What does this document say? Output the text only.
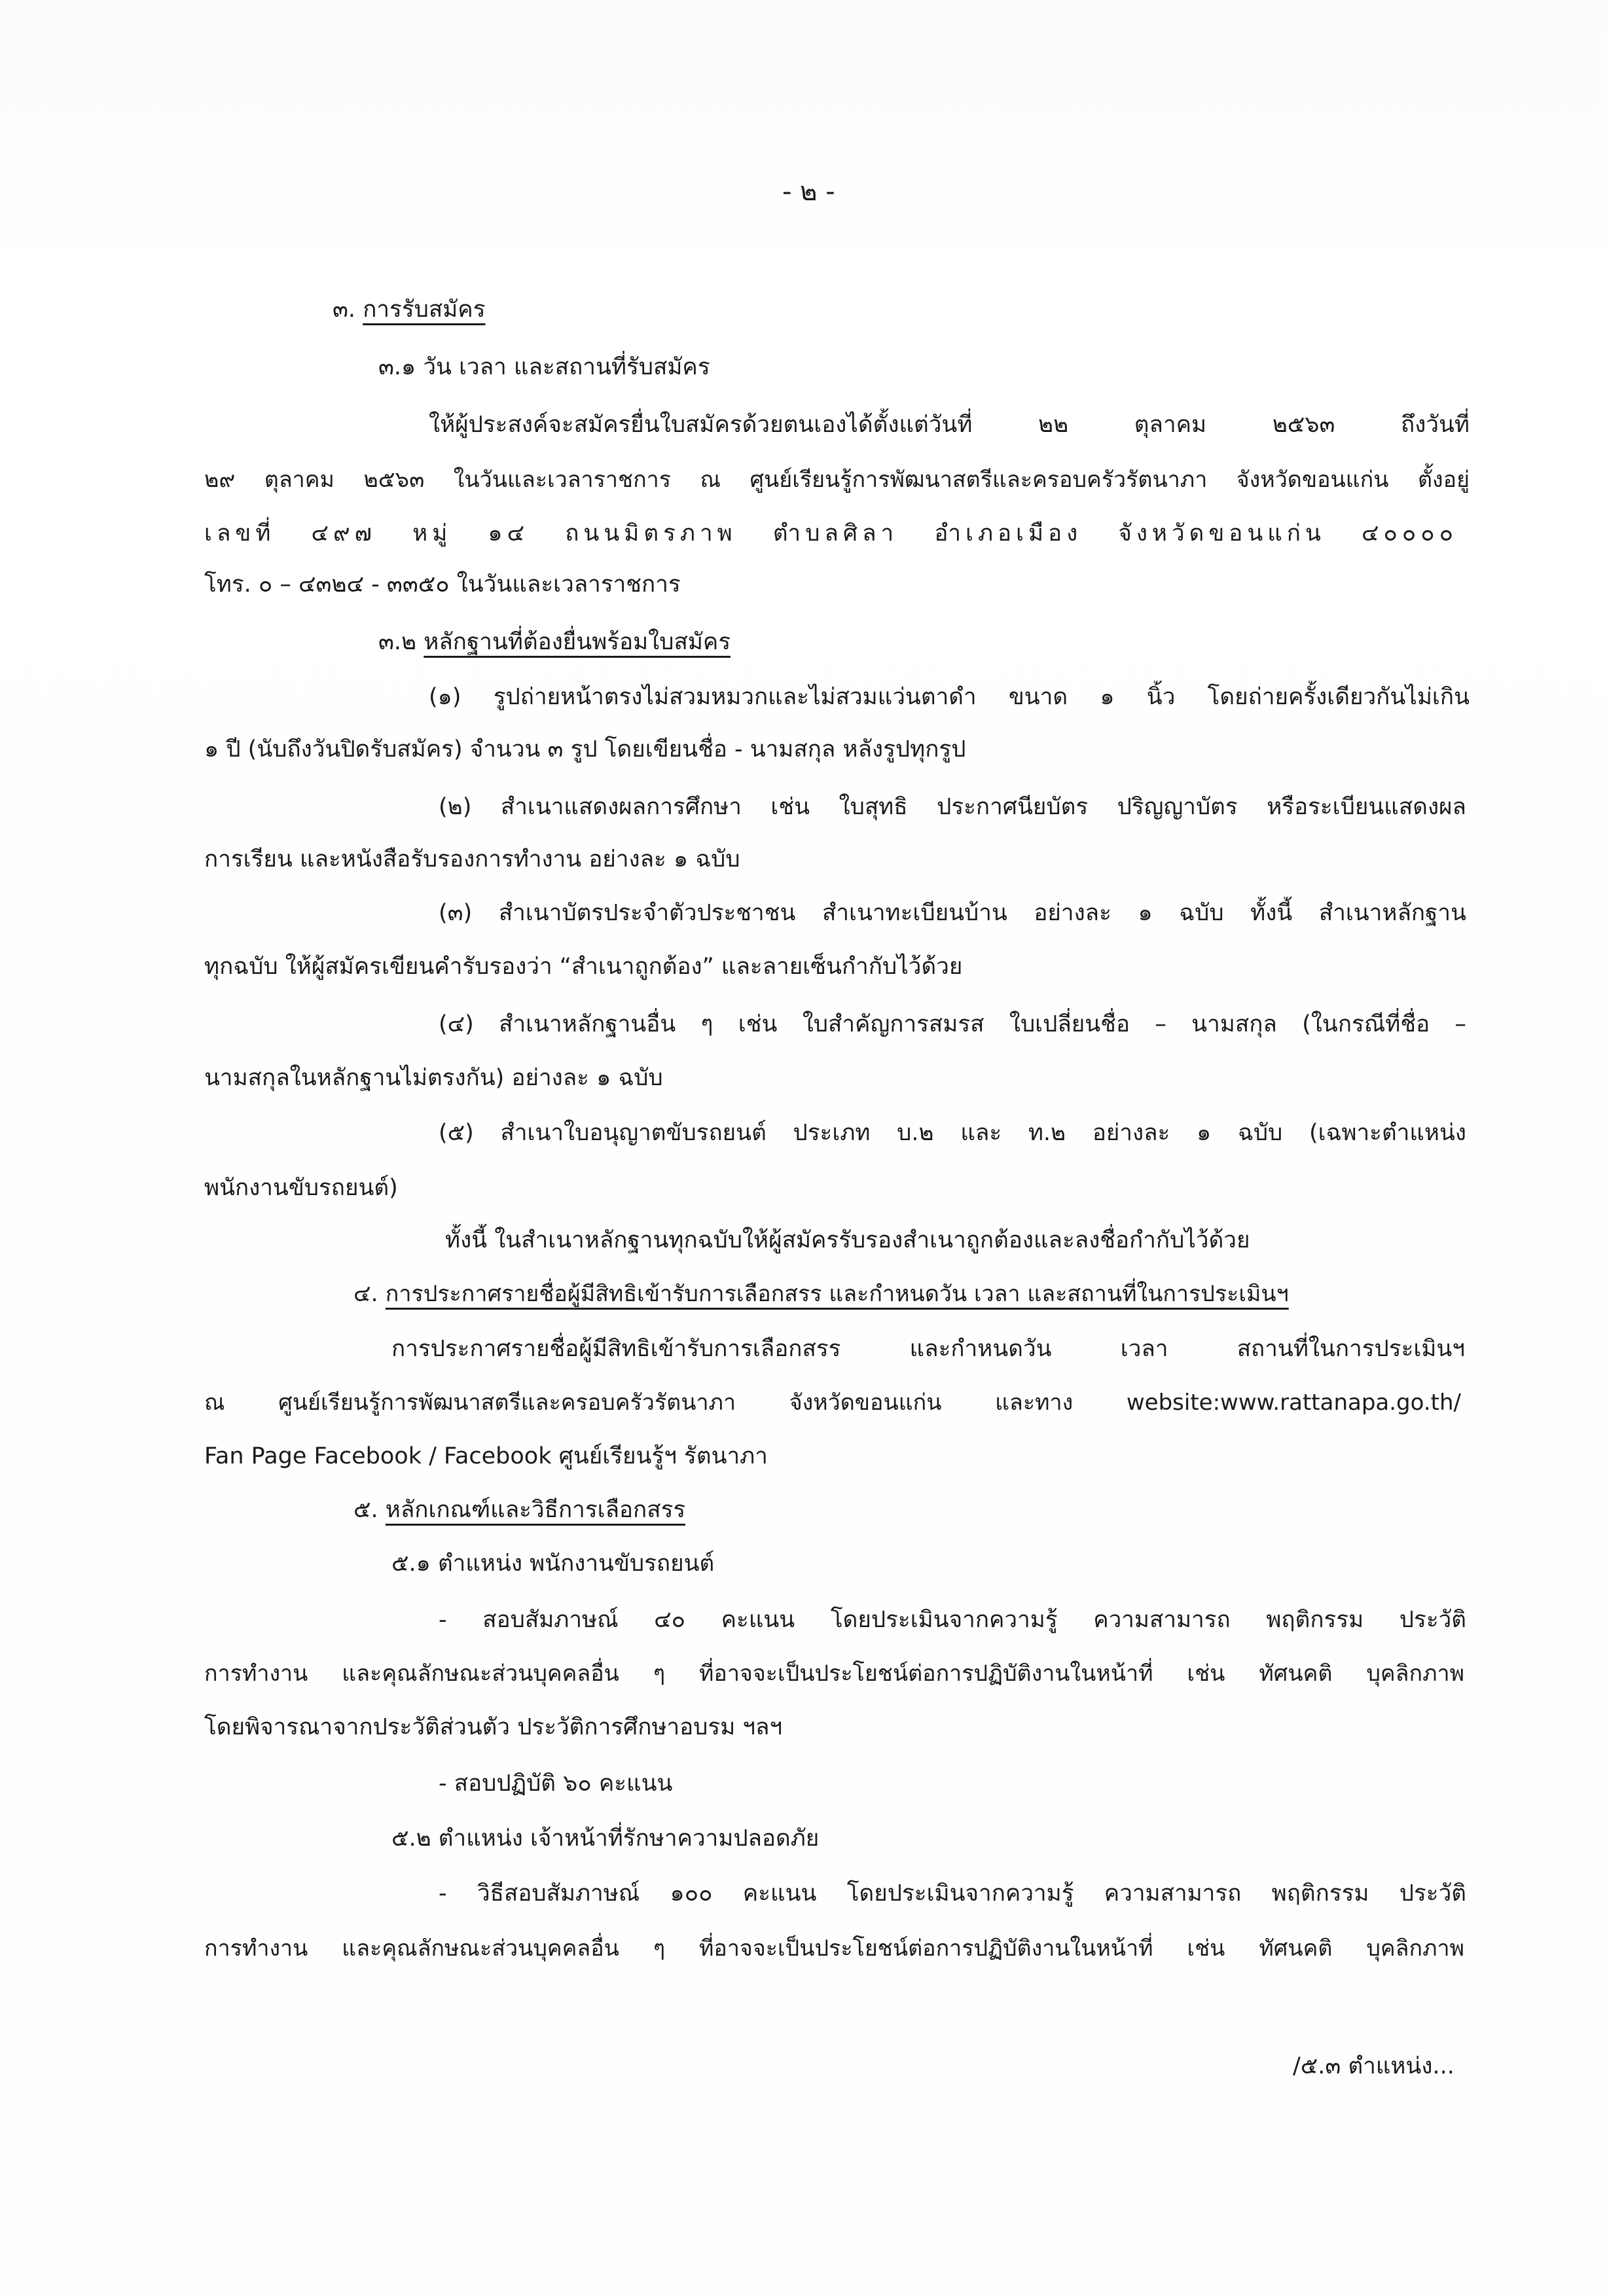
- ๒ -
๓. การรับสมัคร
๓.๑ วัน เวลา และสถานที่รับสมัคร
ให้ผู้ประสงค์จะสมัครยื่นใบสมัครด้วยตนเองได้ตั้งแต่วันที่ ๒๒ ตุลาคม ๒๕๖๓ ถึงวันที่
๒๙ ตุลาคม ๒๕๖๓ ในวันและเวลาราชการ ณ ศูนย์เรียนรู้การพัฒนาสตรีและครอบครัวรัตนาภา จังหวัดขอนแก่น ตั้งอยู่
เลขที่ ๔๙๗ หมู่ ๑๔ ถนนมิตรภาพ ตำบลศิลา อำเภอเมือง จังหวัดขอนแก่น ๔๐๐๐๐
โทร. ๐ – ๔๓๒๔ - ๓๓๕๐ ในวันและเวลาราชการ
๓.๒ หลักฐานที่ต้องยื่นพร้อมใบสมัคร
(๑) รูปถ่ายหน้าตรงไม่สวมหมวกและไม่สวมแว่นตาดำ ขนาด ๑ นิ้ว โดยถ่ายครั้งเดียวกันไม่เกิน
๑ ปี (นับถึงวันปิดรับสมัคร) จำนวน ๓ รูป โดยเขียนชื่อ - นามสกุล หลังรูปทุกรูป
(๒) สำเนาแสดงผลการศึกษา เช่น ใบสุทธิ ประกาศนียบัตร ปริญญาบัตร หรือระเบียนแสดงผล
การเรียน และหนังสือรับรองการทำงาน อย่างละ ๑ ฉบับ
(๓) สำเนาบัตรประจำตัวประชาชน สำเนาทะเบียนบ้าน อย่างละ ๑ ฉบับ ทั้งนี้ สำเนาหลักฐาน
ทุกฉบับ ให้ผู้สมัครเขียนคำรับรองว่า “สำเนาถูกต้อง” และลายเซ็นกำกับไว้ด้วย
(๔) สำเนาหลักฐานอื่น ๆ เช่น ใบสำคัญการสมรส ใบเปลี่ยนชื่อ – นามสกุล (ในกรณีที่ชื่อ –
นามสกุลในหลักฐานไม่ตรงกัน) อย่างละ ๑ ฉบับ
(๕) สำเนาใบอนุญาตขับรถยนต์ ประเภท บ.๒ และ ท.๒ อย่างละ ๑ ฉบับ (เฉพาะตำแหน่ง
พนักงานขับรถยนต์)
ทั้งนี้ ในสำเนาหลักฐานทุกฉบับให้ผู้สมัครรับรองสำเนาถูกต้องและลงชื่อกำกับไว้ด้วย
๔. การประกาศรายชื่อผู้มีสิทธิเข้ารับการเลือกสรร และกำหนดวัน เวลา และสถานที่ในการประเมินฯ
การประกาศรายชื่อผู้มีสิทธิเข้ารับการเลือกสรร และกำหนดวัน เวลา สถานที่ในการประเมินฯ
ณ ศูนย์เรียนรู้การพัฒนาสตรีและครอบครัวรัตนาภา จังหวัดขอนแก่น และทาง website:www.rattanapa.go.th/
Fan Page Facebook / Facebook ศูนย์เรียนรู้ฯ รัตนาภา
๕. หลักเกณฑ์และวิธีการเลือกสรร
๕.๑ ตำแหน่ง พนักงานขับรถยนต์
- สอบสัมภาษณ์ ๔๐ คะแนน โดยประเมินจากความรู้ ความสามารถ พฤติกรรม ประวัติ
การทำงาน และคุณลักษณะส่วนบุคคลอื่น ๆ ที่อาจจะเป็นประโยชน์ต่อการปฏิบัติงานในหน้าที่ เช่น ทัศนคติ บุคลิกภาพ
โดยพิจารณาจากประวัติส่วนตัว ประวัติการศึกษาอบรม ฯลฯ
- สอบปฏิบัติ ๖๐ คะแนน
๕.๒ ตำแหน่ง เจ้าหน้าที่รักษาความปลอดภัย
- วิธีสอบสัมภาษณ์ ๑๐๐ คะแนน โดยประเมินจากความรู้ ความสามารถ พฤติกรรม ประวัติ
การทำงาน และคุณลักษณะส่วนบุคคลอื่น ๆ ที่อาจจะเป็นประโยชน์ต่อการปฏิบัติงานในหน้าที่ เช่น ทัศนคติ บุคลิกภาพ
/๕.๓ ตำแหน่ง...
